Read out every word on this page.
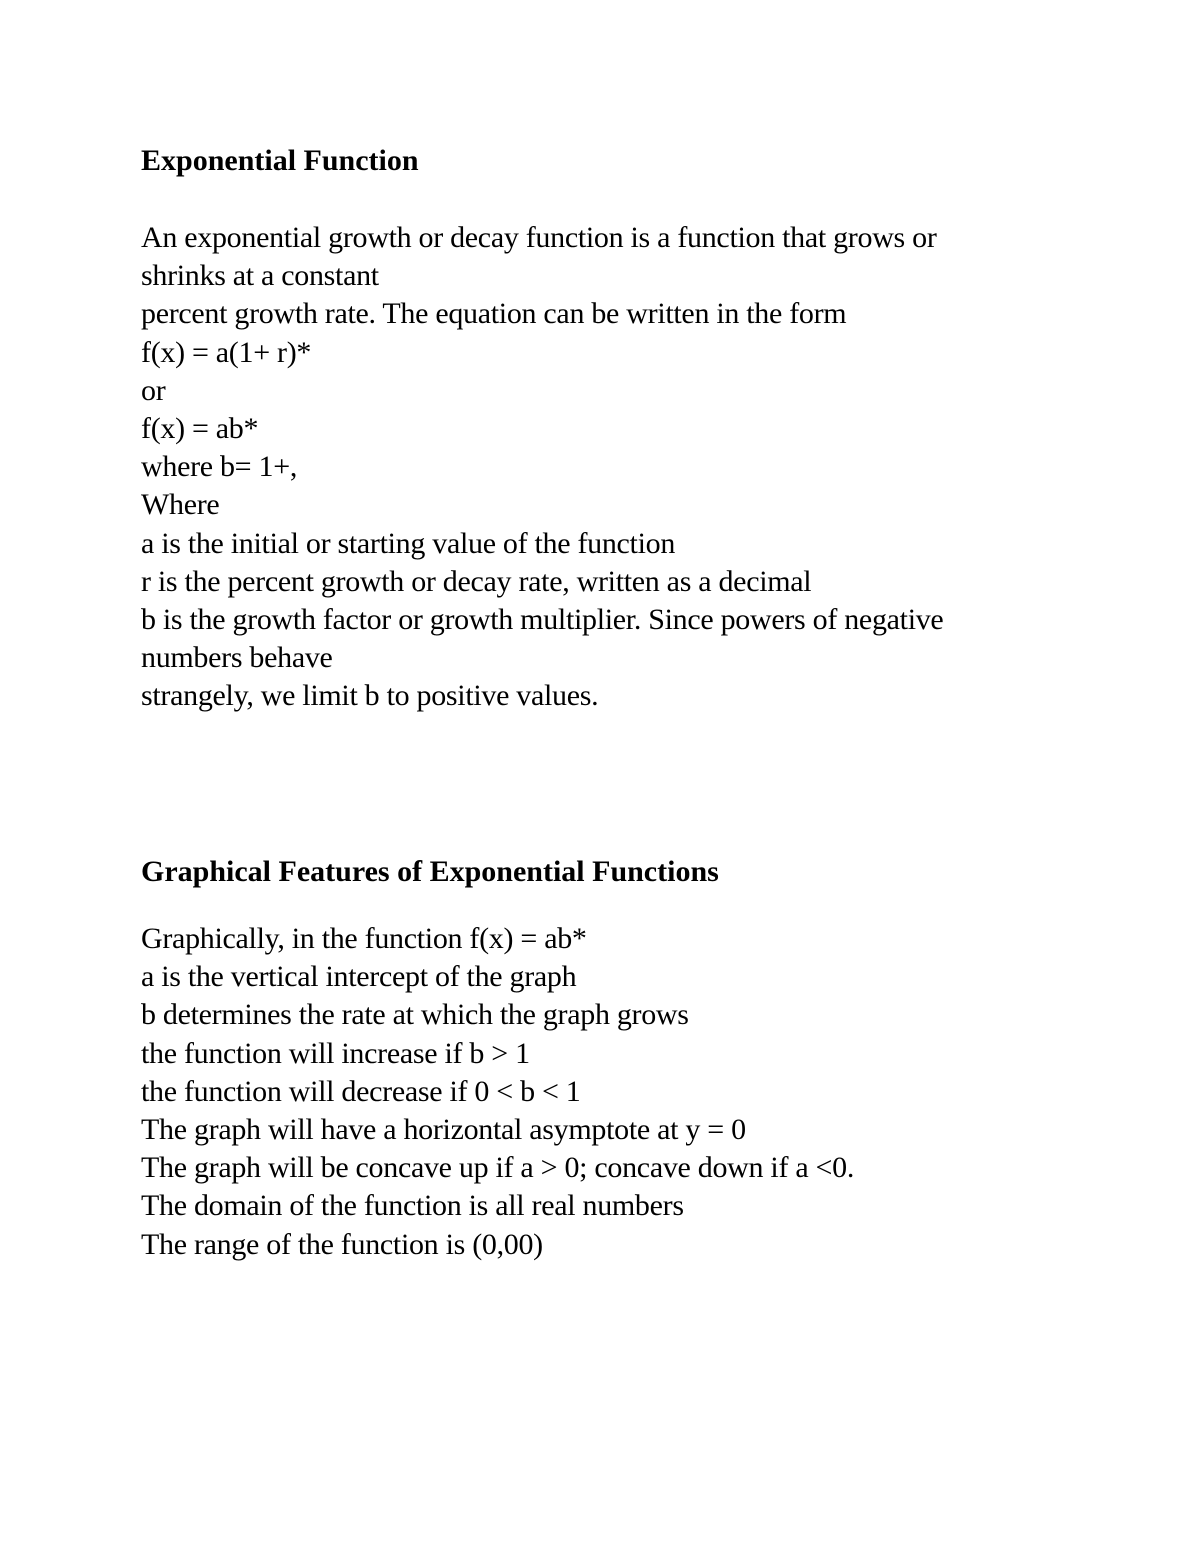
Exponential Function
An exponential growth or decay function is a function that grows or
shrinks at a constant
percent growth rate. The equation can be written in the form
f(x) = a(1+ r)*
or
f(x) = ab*
where b= 1+,
Where
a is the initial or starting value of the function
r is the percent growth or decay rate, written as a decimal
b is the growth factor or growth multiplier. Since powers of negative
numbers behave
strangely, we limit b to positive values.
Graphical Features of Exponential Functions
Graphically, in the function f(x) = ab*
a is the vertical intercept of the graph
b determines the rate at which the graph grows
the function will increase if b > 1
the function will decrease if 0 < b < 1
The graph will have a horizontal asymptote at y = 0
The graph will be concave up if a > 0; concave down if a <0.
The domain of the function is all real numbers
The range of the function is (0,00)
